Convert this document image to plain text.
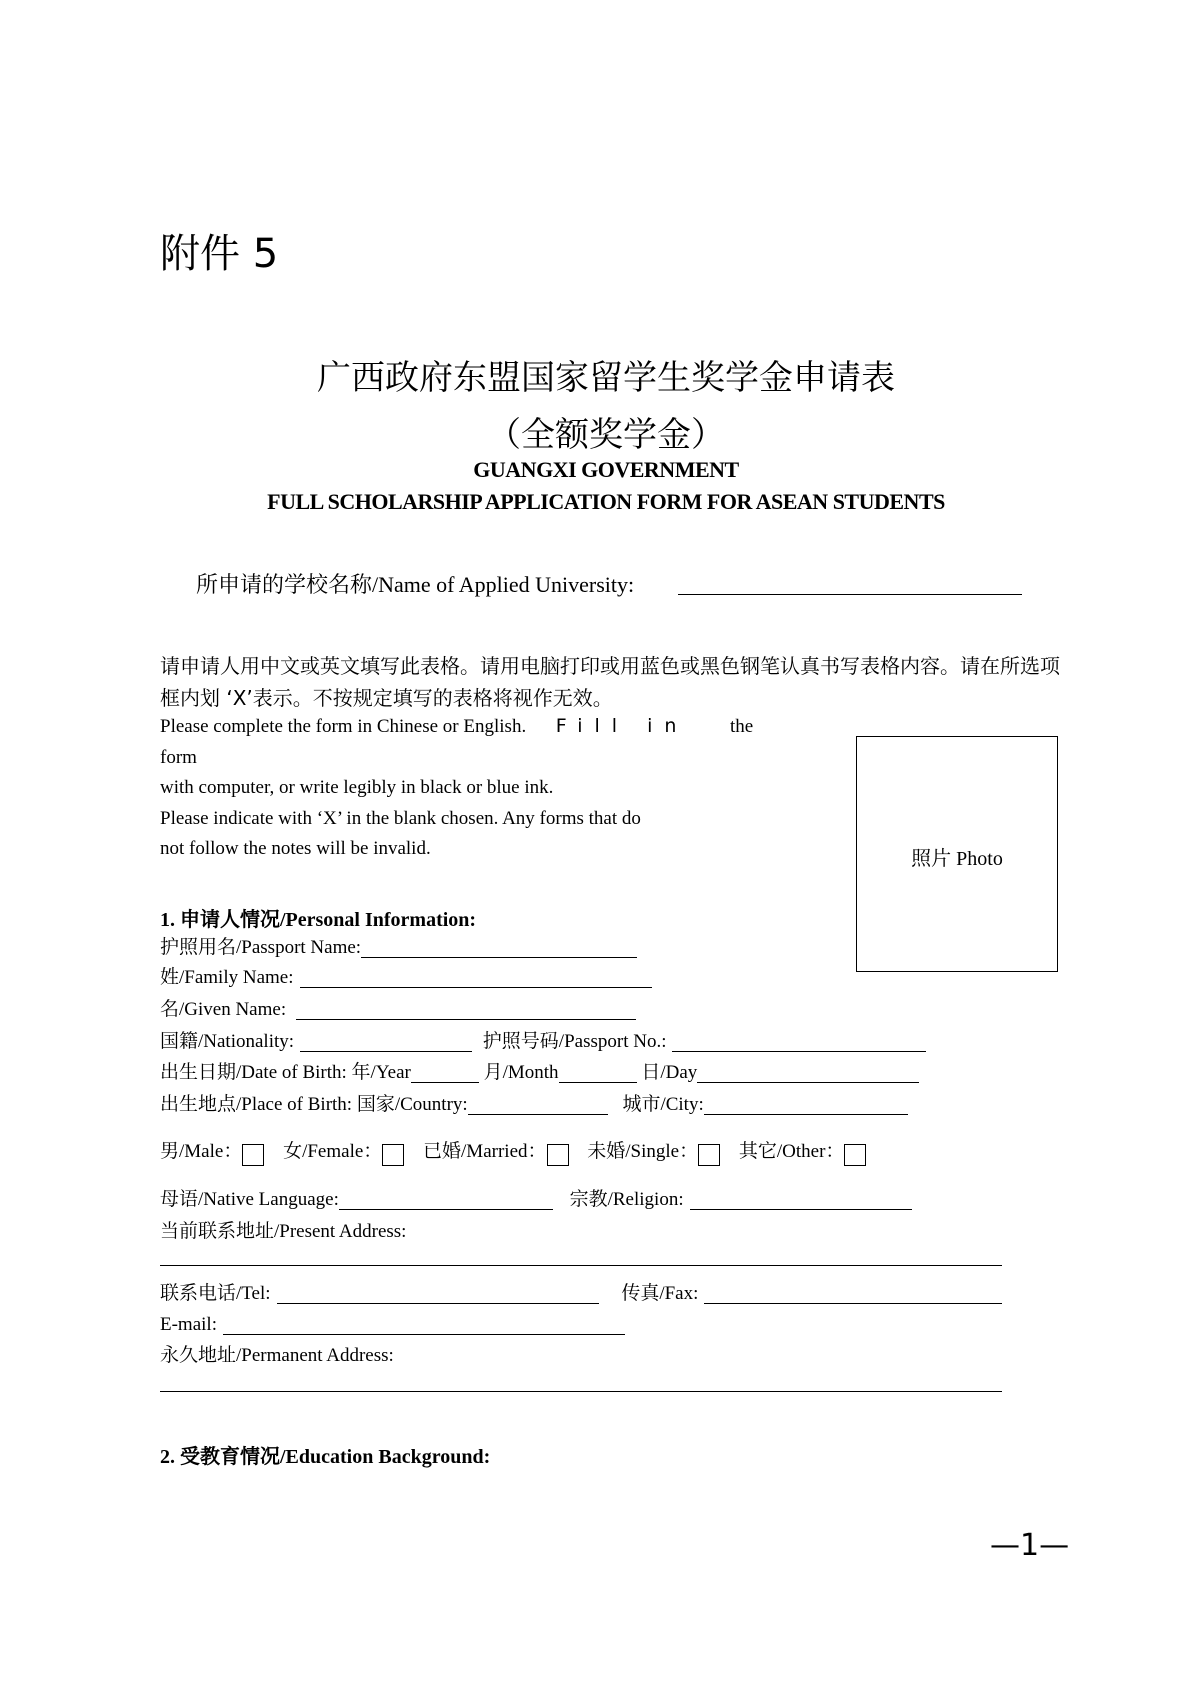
附件 5
广西政府东盟国家留学生奖学金申请表
（全额奖学金）
GUANGXI GOVERNMENT
FULL SCHOLARSHIP APPLICATION FORM FOR ASEAN STUDENTS
所申请的学校名称/Name of Applied University:
请申请人用中文或英文填写此表格。请用电脑打印或用蓝色或黑色钢笔认真书写表格内容。请在所选项框内划 ‘X’表示。不按规定填写的表格将视作无效。
Please complete the form in Chinese or English. Fill in the
form
with computer, or write legibly in black or blue ink.
Please indicate with ‘X’ in the blank chosen. Any forms that do
not follow the notes will be invalid.	照片 Photo
1. 申请人情况/Personal Information:
护照用名/Passport Name:
姓/Family Name:
名/Given Name:
国籍/Nationality:	护照号码/Passport No.:
出生日期/Date of Birth: 年/Year	月/Month	日/Day
出生地点/Place of Birth: 国家/Country:	城市/City:
男/Male： 女/Female： 已婚/Married： 未婚/Single： 其它/Other：
母语/Native Language:	宗教/Religion:
当前联系地址/Present Address:
联系电话/Tel:	传真/Fax:
E-mail:
永久地址/Permanent Address:
2. 受教育情况/Education Background:
—1—
